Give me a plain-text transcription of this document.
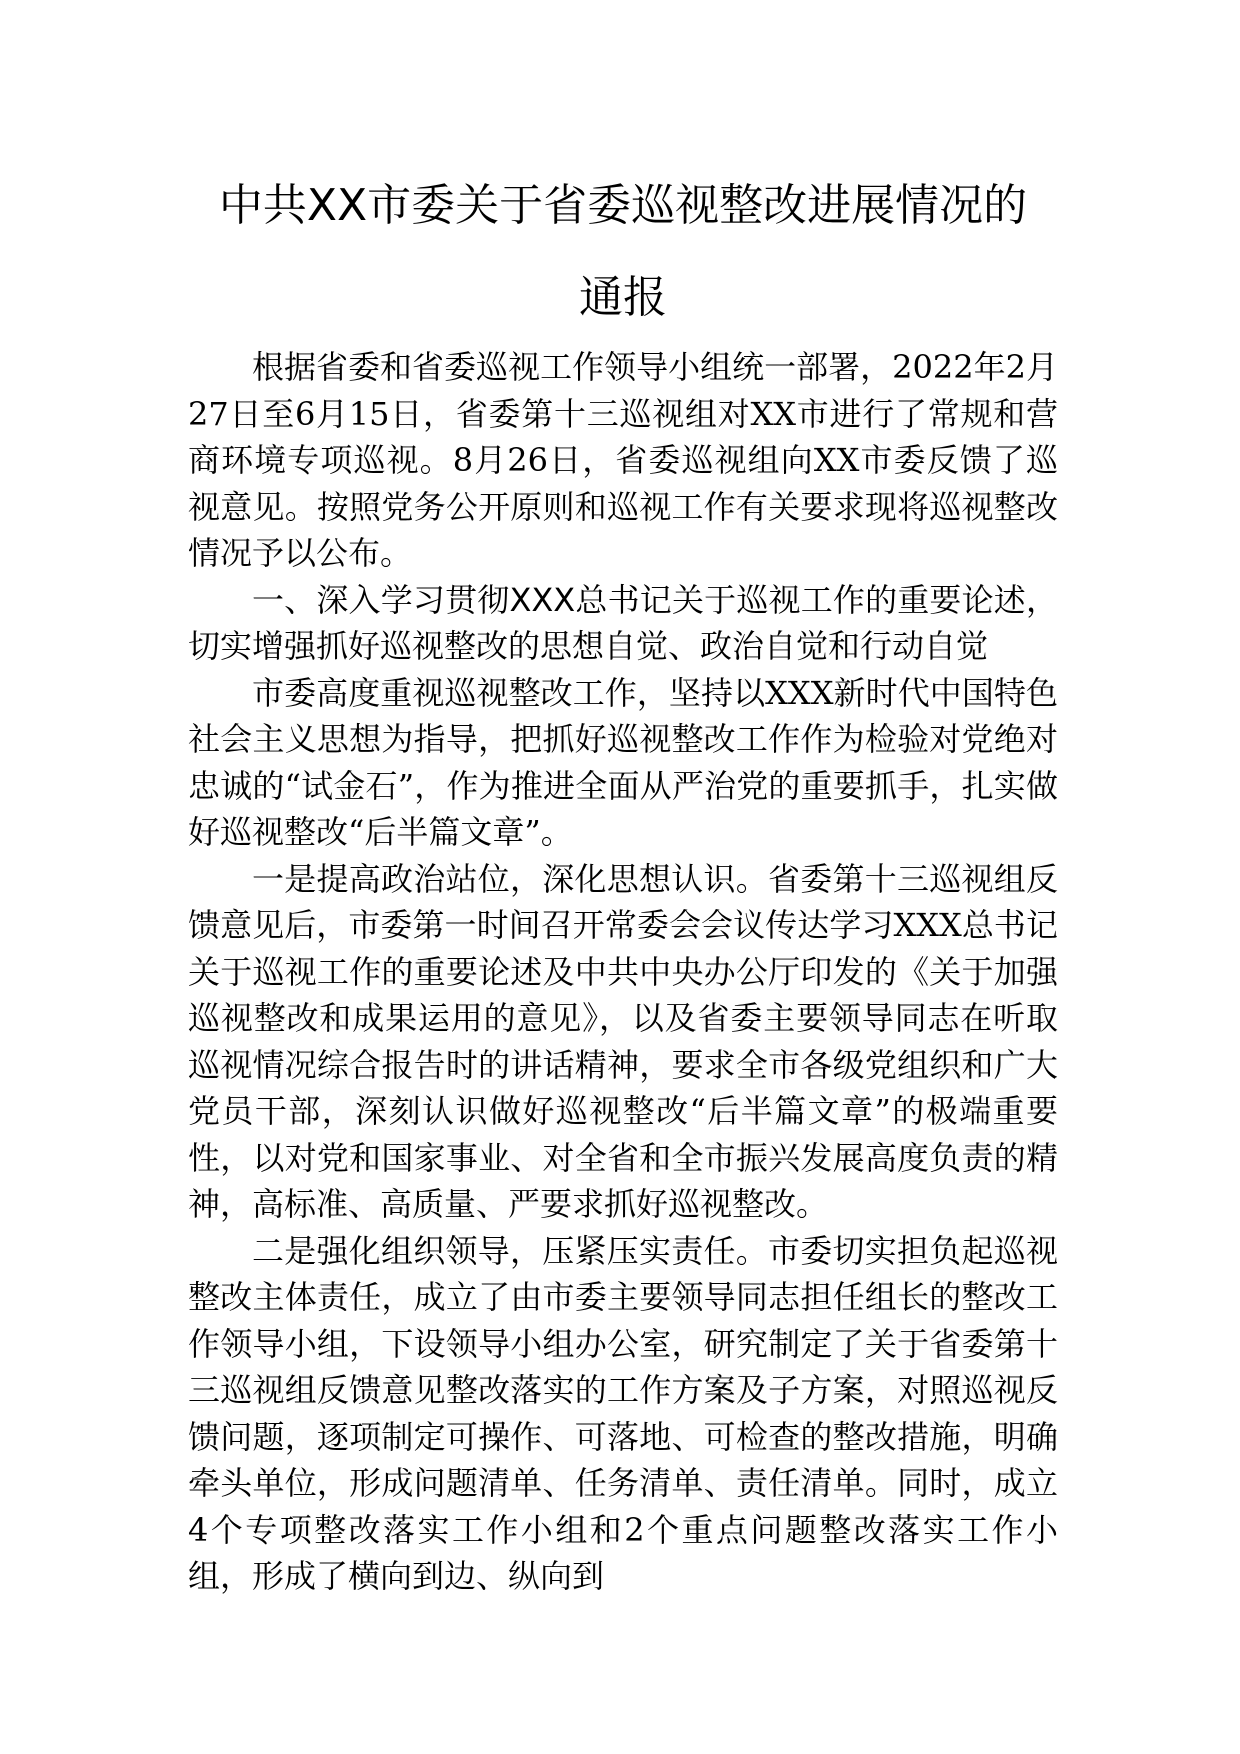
中共XX市委关于省委巡视整改进展情况的
通报

根据省委和省委巡视工作领导小组统一部署，2022年2月27日至6月15日，省委第十三巡视组对XX市进行了常规和营商环境专项巡视。8月26日，省委巡视组向XX市委反馈了巡视意见。按照党务公开原则和巡视工作有关要求现将巡视整改情况予以公布。

一、深入学习贯彻XXX总书记关于巡视工作的重要论述，切实增强抓好巡视整改的思想自觉、政治自觉和行动自觉

市委高度重视巡视整改工作，坚持以XXX新时代中国特色社会主义思想为指导，把抓好巡视整改工作作为检验对党绝对忠诚的“试金石”，作为推进全面从严治党的重要抓手，扎实做好巡视整改“后半篇文章”。

一是提高政治站位，深化思想认识。省委第十三巡视组反馈意见后，市委第一时间召开常委会会议传达学习XXX总书记关于巡视工作的重要论述及中共中央办公厅印发的《关于加强巡视整改和成果运用的意见》，以及省委主要领导同志在听取巡视情况综合报告时的讲话精神，要求全市各级党组织和广大党员干部，深刻认识做好巡视整改“后半篇文章”的极端重要性，以对党和国家事业、对全省和全市振兴发展高度负责的精神，高标准、高质量、严要求抓好巡视整改。

二是强化组织领导，压紧压实责任。市委切实担负起巡视整改主体责任，成立了由市委主要领导同志担任组长的整改工作领导小组，下设领导小组办公室，研究制定了关于省委第十三巡视组反馈意见整改落实的工作方案及子方案，对照巡视反馈问题，逐项制定可操作、可落地、可检查的整改措施，明确牵头单位，形成问题清单、任务清单、责任清单。同时，成立4个专项整改落实工作小组和2个重点问题整改落实工作小组，形成了横向到边、纵向到
